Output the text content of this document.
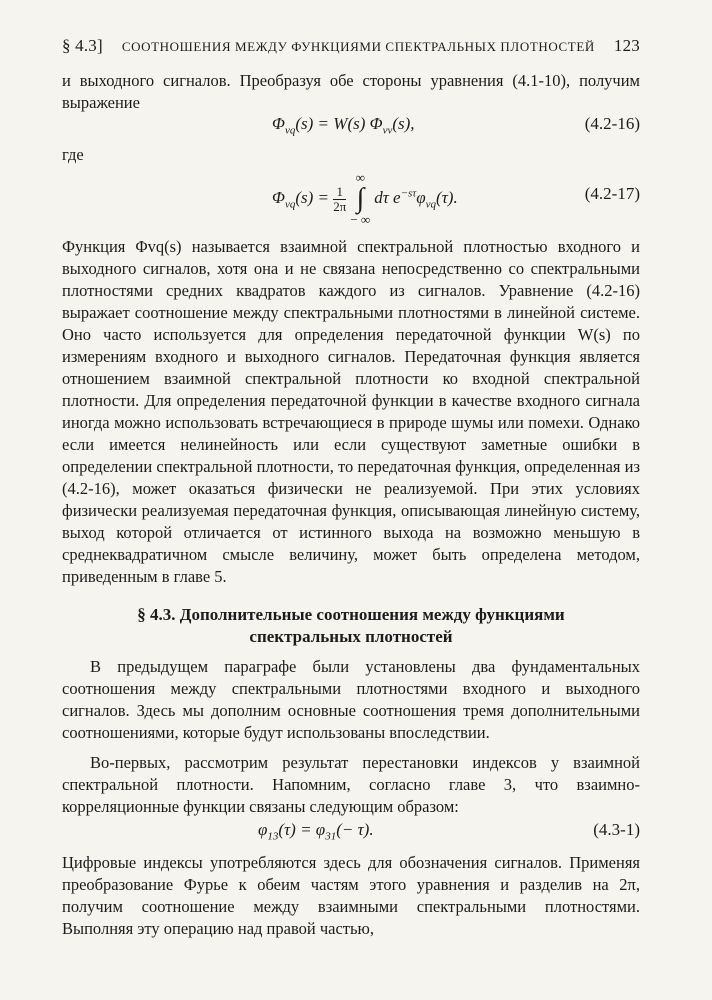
§ 4.3] СООТНОШЕНИЯ МЕЖДУ ФУНКЦИЯМИ СПЕКТРАЛЬНЫХ ПЛОТНОСТЕЙ 123
и выходного сигналов. Преобразуя обе стороны уравнения (4.1-10), получим выражение
$\Phi_{vq}(s) = W(s)$ $\Phi_{vv}(s)$,	(4.2-16)
где
$\Phi_{vq}(s) = \frac{1}{2\pi}$
∞
∫
− ∞
dτ $e^{-s\tau}\varphi_{vq}(\tau)$.	(4.2-17)
Функция Φvq(s) называется взаимной спектральной плотностью входного и выходного сигналов, хотя она и не связана непосредственно со спектральными плотностями средних квадратов каждого из сигналов. Уравнение (4.2-16) выражает соотношение между спектральными плотностями в линейной системе. Оно часто используется для определения передаточной функции W(s) по измерениям входного и выходного сигналов. Передаточная функция является отношением взаимной спектральной плотности ко входной спектральной плотности. Для определения передаточной функции в качестве входного сигнала иногда можно использовать встречающиеся в природе шумы или помехи. Однако если имеется нелинейность или если существуют заметные ошибки в определении спектральной плотности, то передаточная функция, определенная из (4.2-16), может оказаться физически не реализуемой. При этих условиях физически реализуемая передаточная функция, описывающая линейную систему, выход которой отличается от истинного выхода на возможно меньшую в среднеквадратичном смысле величину, может быть определена методом, приведенным в главе 5.
§ 4.3. Дополнительные соотношения между функциями
спектральных плотностей
В предыдущем параграфе были установлены два фундаментальных соотношения между спектральными плотностями входного и выходного сигналов. Здесь мы дополним основные соотношения тремя дополнительными соотношениями, которые будут использованы впоследствии.
Во-первых, рассмотрим результат перестановки индексов у взаимной спектральной плотности. Напомним, согласно главе 3, что взаимно-корреляционные функции связаны следующим образом:
$\varphi_{13}(\tau) = \varphi_{31}(- \tau)$.	(4.3-1)
Цифровые индексы употребляются здесь для обозначения сигналов. Применяя преобразование Фурье к обеим частям этого уравнения и разделив на 2π, получим соотношение между взаимными спектральными плотностями. Выполняя эту операцию над правой частью,
